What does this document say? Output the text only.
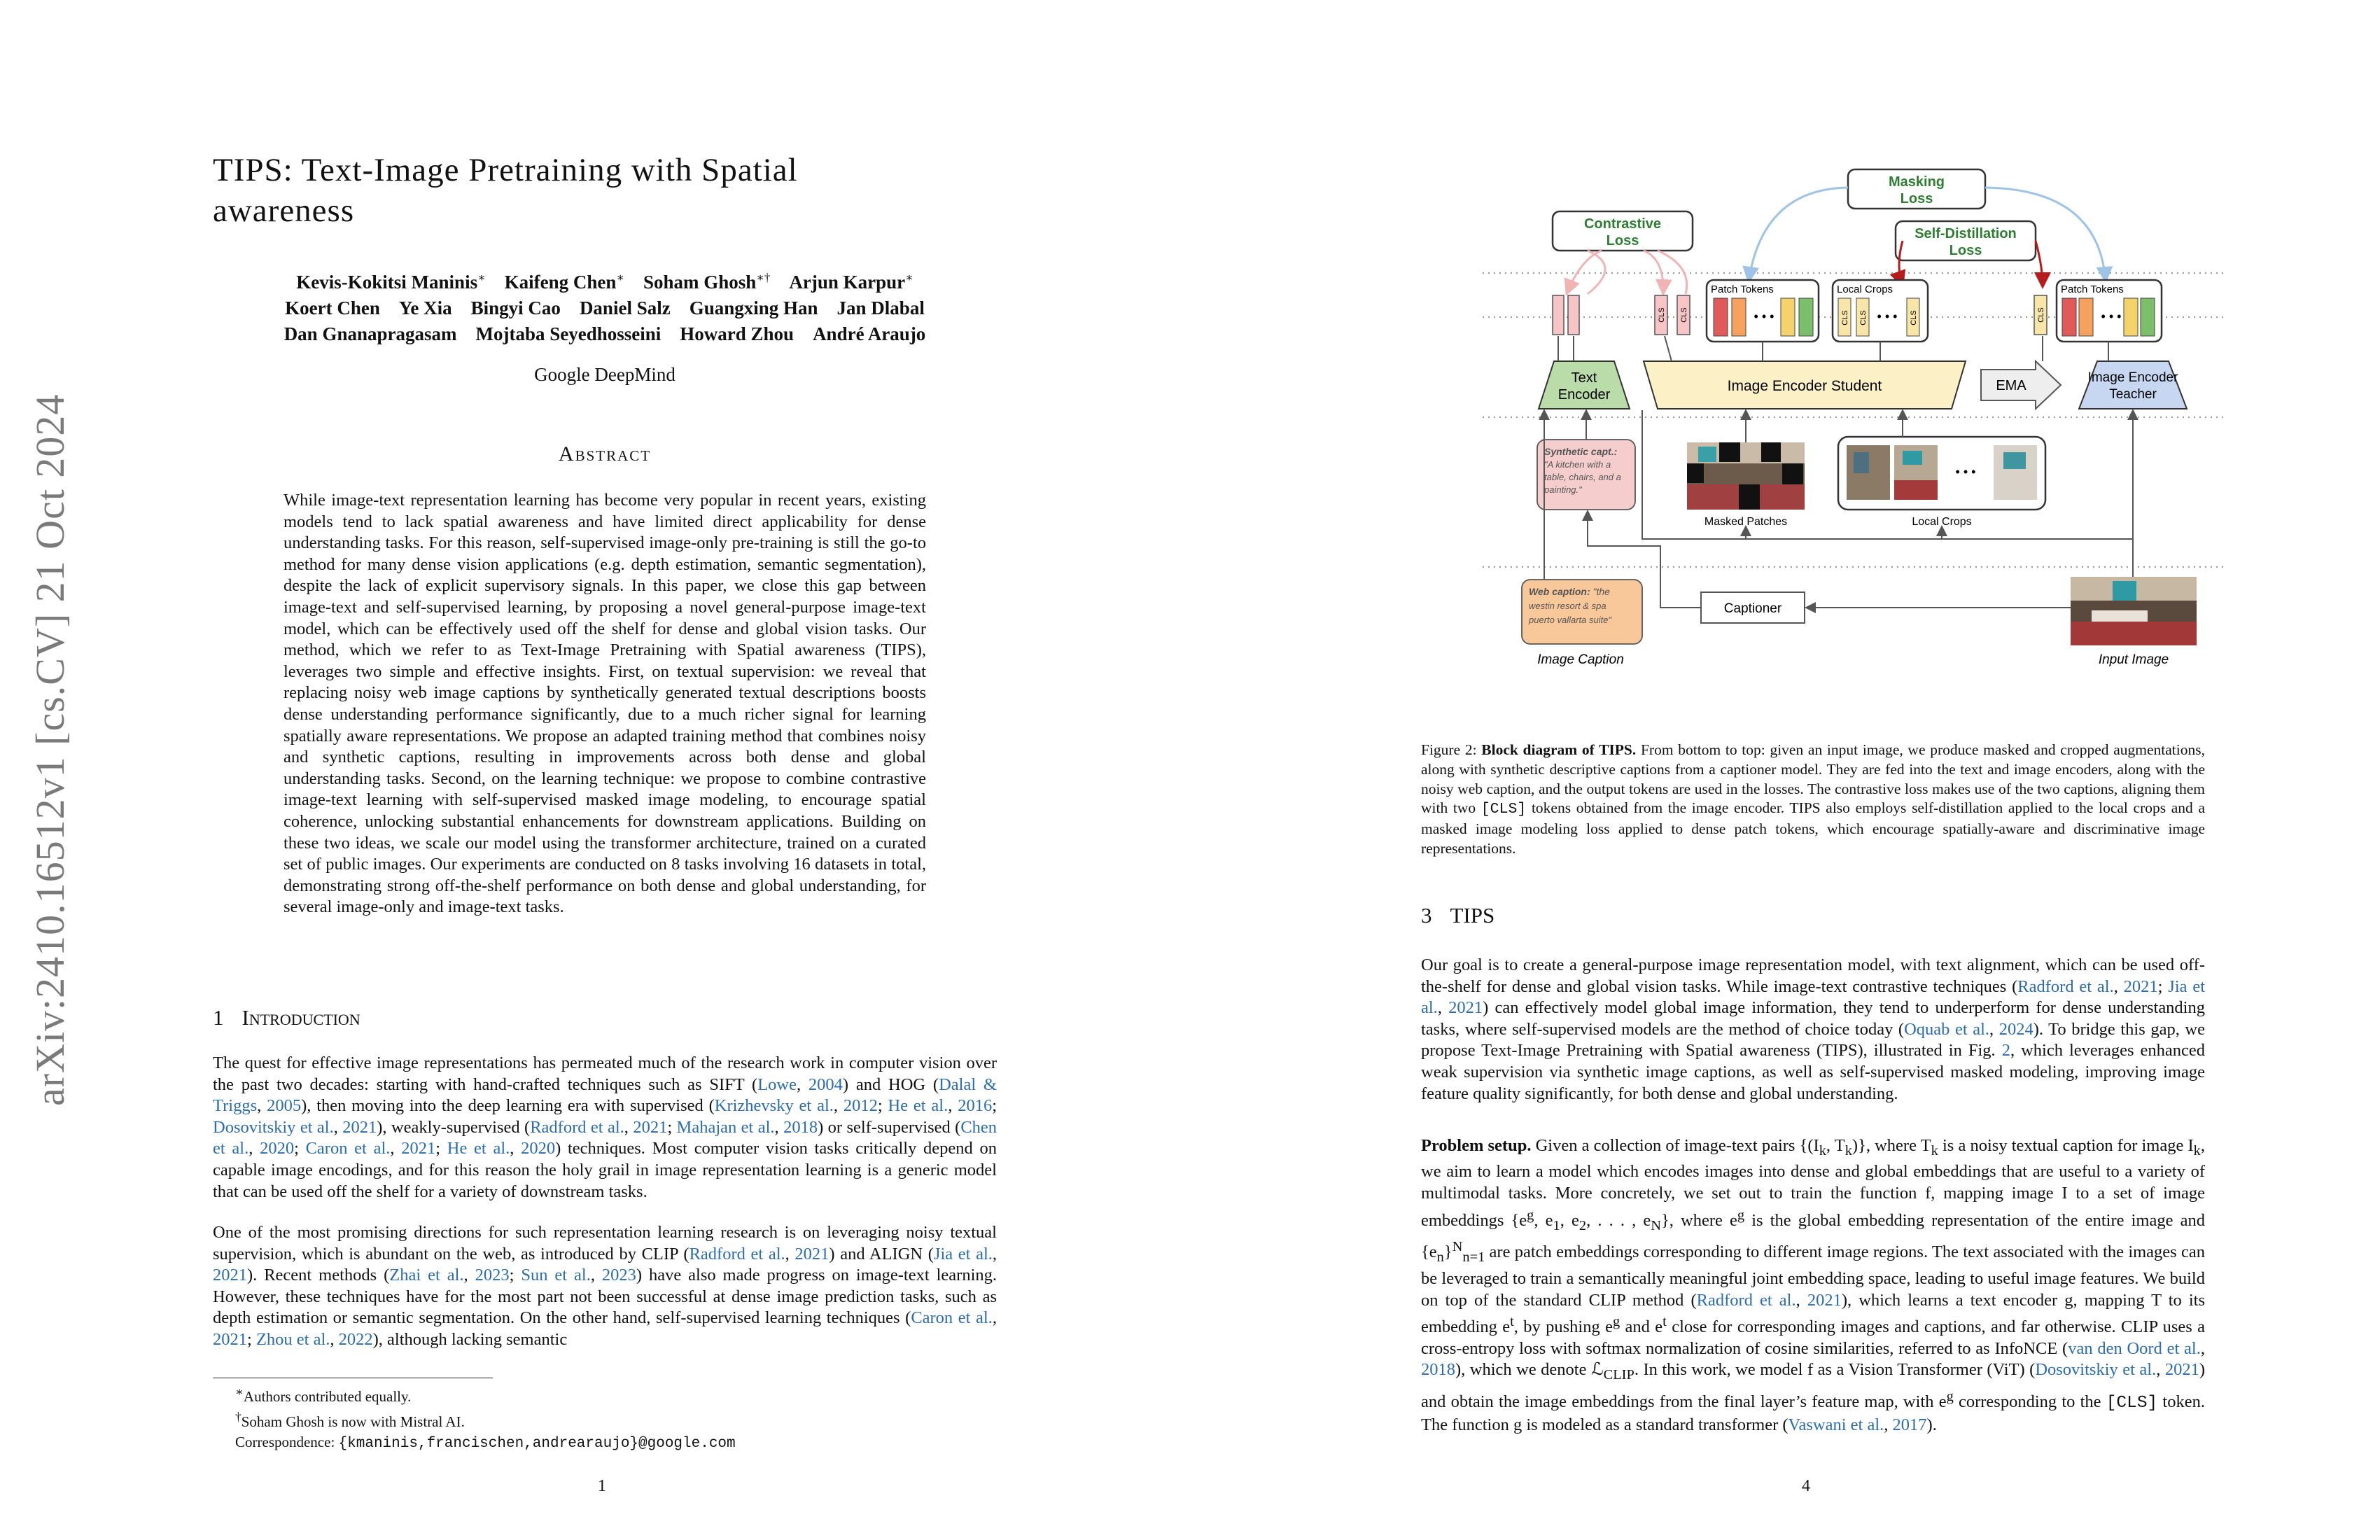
arXiv:2410.16512v1 [cs.CV] 21 Oct 2024
TIPS: Text-Image Pretraining with Spatial
awareness
Kevis-Kokitsi Maninis∗  Kaifeng Chen∗  Soham Ghosh∗†  Arjun Karpur∗
Koert Chen  Ye Xia  Bingyi Cao  Daniel Salz  Guangxing Han  Jan Dlabal
Dan Gnanapragasam  Mojtaba Seyedhosseini  Howard Zhou  André Araujo
Google DeepMind
Abstract

While image-text representation learning has become very popular in recent years, existing models tend to lack spatial awareness and have limited direct applicability for dense understanding tasks. For this reason, self-supervised image-only pre-training is still the go-to method for many dense vision applications (e.g. depth estimation, semantic segmentation), despite the lack of explicit supervisory signals. In this paper, we close this gap between image-text and self-supervised learning, by proposing a novel general-purpose image-text model, which can be effectively used off the shelf for dense and global vision tasks. Our method, which we refer to as Text-Image Pretraining with Spatial awareness (TIPS), leverages two simple and effective insights. First, on textual supervision: we reveal that replacing noisy web image captions by synthetically generated textual descriptions boosts dense understanding performance significantly, due to a much richer signal for learning spatially aware representations. We propose an adapted training method that combines noisy and synthetic captions, resulting in improvements across both dense and global understanding tasks. Second, on the learning technique: we propose to combine contrastive image-text learning with self-supervised masked image modeling, to encourage spatial coherence, unlocking substantial enhancements for downstream applications. Building on these two ideas, we scale our model using the transformer architecture, trained on a curated set of public images. Our experiments are conducted on 8 tasks involving 16 datasets in total, demonstrating strong off-the-shelf performance on both dense and global understanding, for several image-only and image-text tasks.

1 Introduction

The quest for effective image representations has permeated much of the research work in computer vision over the past two decades: starting with hand-crafted techniques such as SIFT (Lowe, 2004) and HOG (Dalal & Triggs, 2005), then moving into the deep learning era with supervised (Krizhevsky et al., 2012; He et al., 2016; Dosovitskiy et al., 2021), weakly-supervised (Radford et al., 2021; Mahajan et al., 2018) or self-supervised (Chen et al., 2020; Caron et al., 2021; He et al., 2020) techniques. Most computer vision tasks critically depend on capable image encodings, and for this reason the holy grail in image representation learning is a generic model that can be used off the shelf for a variety of downstream tasks.

One of the most promising directions for such representation learning research is on leveraging noisy textual supervision, which is abundant on the web, as introduced by CLIP (Radford et al., 2021) and ALIGN (Jia et al., 2021). Recent methods (Zhai et al., 2023; Sun et al., 2023) have also made progress on image-text learning. However, these techniques have for the most part not been successful at dense image prediction tasks, such as depth estimation or semantic segmentation. On the other hand, self-supervised learning techniques (Caron et al., 2021; Zhou et al., 2022), although lacking semantic

∗Authors contributed equally.
†Soham Ghosh is now with Mistral AI.
Correspondence: {kmaninis,francischen,andrearaujo}@google.com
1
Masking
Loss
Contrastive
Loss	Self-Distillation
Loss
CLS CLS
Patch Tokens
• • •
Local Crops
CLS CLS • • • CLS	CLS
Patch Tokens
• • •
Text
Encoder
Image Encoder Student	EMA
Image Encoder
Teacher
Synthetic capt.:
"A kitchen with a
table, chairs, and a
painting."
Masked Patches
• • •
Local Crops
Web caption: "the
westin resort & spa
puerto vallarta suite"
Image Caption
Captioner
Input Image

Figure 2: Block diagram of TIPS. From bottom to top: given an input image, we produce masked and cropped augmentations, along with synthetic descriptive captions from a captioner model. They are fed into the text and image encoders, along with the noisy web caption, and the output tokens are used in the losses. The contrastive loss makes use of the two captions, aligning them with two [CLS] tokens obtained from the image encoder. TIPS also employs self-distillation applied to the local crops and a masked image modeling loss applied to dense patch tokens, which encourage spatially-aware and discriminative image representations.

3 TIPS

Our goal is to create a general-purpose image representation model, with text alignment, which can be used off-the-shelf for dense and global vision tasks. While image-text contrastive techniques (Radford et al., 2021; Jia et al., 2021) can effectively model global image information, they tend to underperform for dense understanding tasks, where self-supervised models are the method of choice today (Oquab et al., 2024). To bridge this gap, we propose Text-Image Pretraining with Spatial awareness (TIPS), illustrated in Fig. 2, which leverages enhanced weak supervision via synthetic image captions, as well as self-supervised masked modeling, improving image feature quality significantly, for both dense and global understanding.

Problem setup. Given a collection of image-text pairs {($I_k$, $T_k$)}, where $T_k$ is a noisy textual caption for image $I_k$, we aim to learn a model which encodes images into dense and global embeddings that are useful to a variety of multimodal tasks. More concretely, we set out to train the function f, mapping image I to a set of image embeddings {$e^g$, $e_1$, $e_2$, . . . , $e_N$}, where $e^g$ is the global embedding representation of the entire image and $\{e_n\}^N_{n=1}$ are patch embeddings corresponding to different image regions. The text associated with the images can be leveraged to train a semantically meaningful joint embedding space, leading to useful image features. We build on top of the standard CLIP method (Radford et al., 2021), which learns a text encoder g, mapping T to its embedding $e^t$, by pushing $e^g$ and $e^t$ close for corresponding images and captions, and far otherwise. CLIP uses a cross-entropy loss with softmax normalization of cosine similarities, referred to as InfoNCE (van den Oord et al., 2018), which we denote ℒ$_{CLIP}$. In this work, we model f as a Vision Transformer (ViT) (Dosovitskiy et al., 2021) and obtain the image embeddings from the final layer’s feature map, with $e^g$ corresponding to the [CLS] token. The function g is modeled as a standard transformer (Vaswani et al., 2017).

4
